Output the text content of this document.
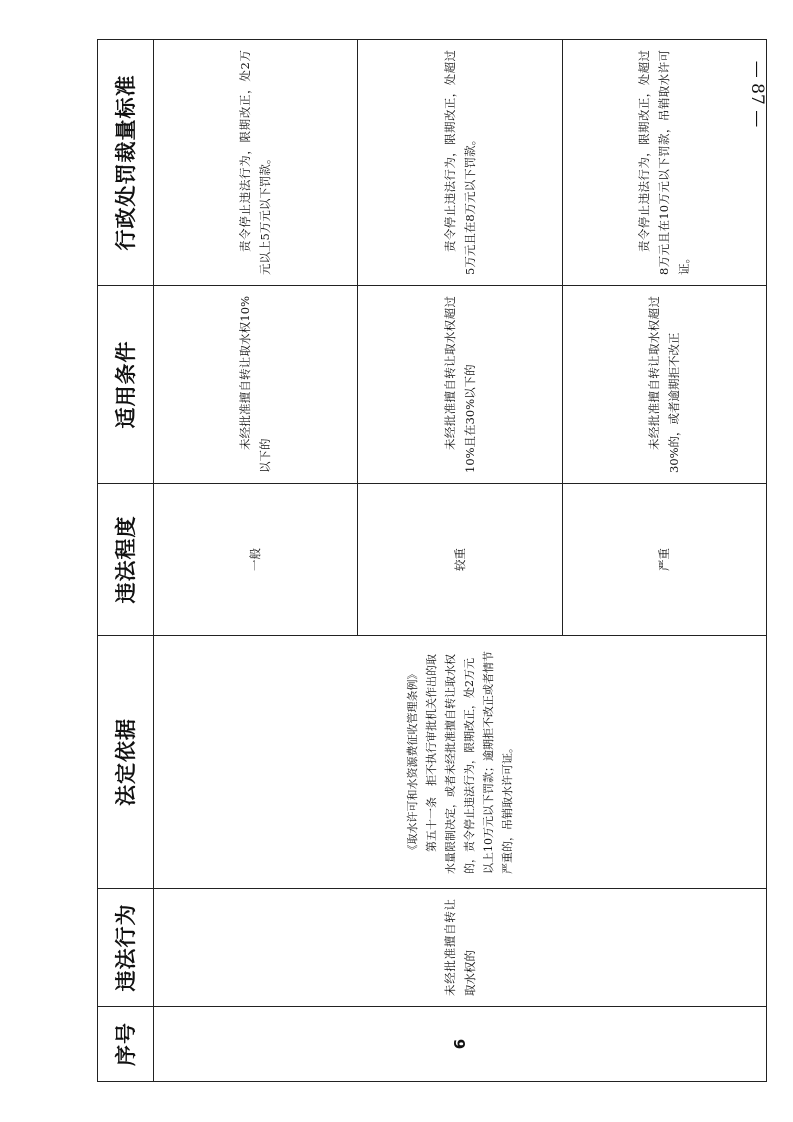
序号	违法行为	法定依据	违法程度	适用条件	行政处罚裁量标准
6	未经批准擅自转让取水权的	《取水许可和水资源费征收管理条例》 第五十一条　拒不执行审批机关作出的取水量限制决定，或者未经批准擅自转让取水权的，责令停止违法行为，限期改正，处2万元以上10万元以下罚款；逾期拒不改正或者情节严重的，吊销取水许可证。	一般	未经批准擅自转让取水权10%以下的	责令停止违法行为，限期改正，处2万元以上5万元以下罚款。

			较重	未经批准擅自转让取水权超过10%且在30%以下的	责令停止违法行为，限期改正，处超过5万元且在8万元以下罚款。

			严重	未经批准擅自转让取水权超过30%的，或者逾期拒不改正	责令停止违法行为，限期改正，处超过8万元且在10万元以下罚款，吊销取水许可证。
— 87 —
